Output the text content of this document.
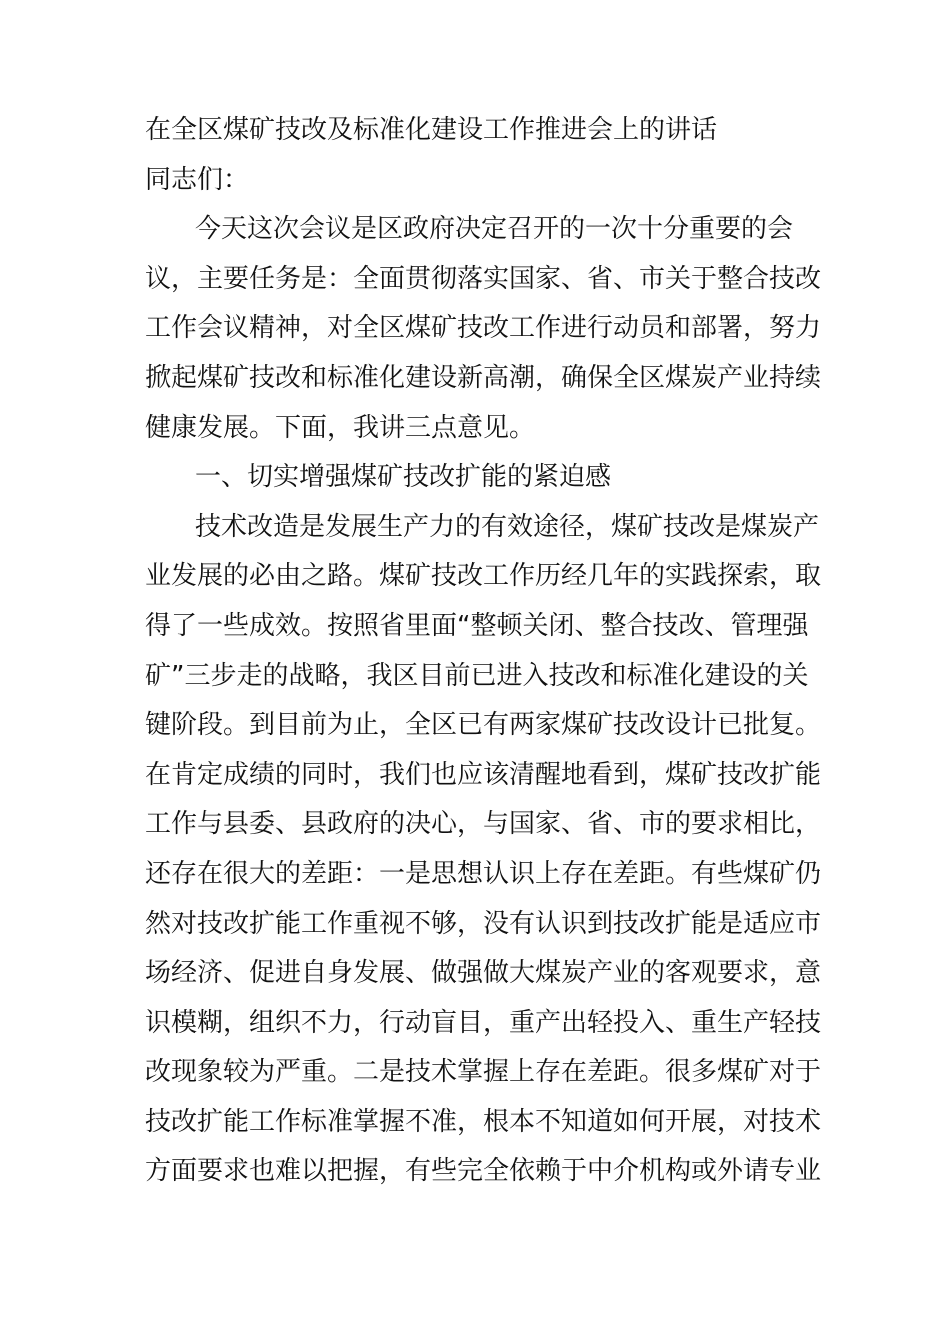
在全区煤矿技改及标准化建设工作推进会上的讲话
同志们：
今天这次会议是区政府决定召开的一次十分重要的会
议，主要任务是：全面贯彻落实国家、省、市关于整合技改
工作会议精神，对全区煤矿技改工作进行动员和部署，努力
掀起煤矿技改和标准化建设新高潮，确保全区煤炭产业持续
健康发展。下面，我讲三点意见。
一、切实增强煤矿技改扩能的紧迫感
技术改造是发展生产力的有效途径，煤矿技改是煤炭产
业发展的必由之路。煤矿技改工作历经几年的实践探索，取
得了一些成效。按照省里面“整顿关闭、整合技改、管理强
矿”三步走的战略，我区目前已进入技改和标准化建设的关
键阶段。到目前为止，全区已有两家煤矿技改设计已批复。
在肯定成绩的同时，我们也应该清醒地看到，煤矿技改扩能
工作与县委、县政府的决心，与国家、省、市的要求相比，
还存在很大的差距：一是思想认识上存在差距。有些煤矿仍
然对技改扩能工作重视不够，没有认识到技改扩能是适应市
场经济、促进自身发展、做强做大煤炭产业的客观要求，意
识模糊，组织不力，行动盲目，重产出轻投入、重生产轻技
改现象较为严重。二是技术掌握上存在差距。很多煤矿对于
技改扩能工作标准掌握不准，根本不知道如何开展，对技术
方面要求也难以把握，有些完全依赖于中介机构或外请专业
